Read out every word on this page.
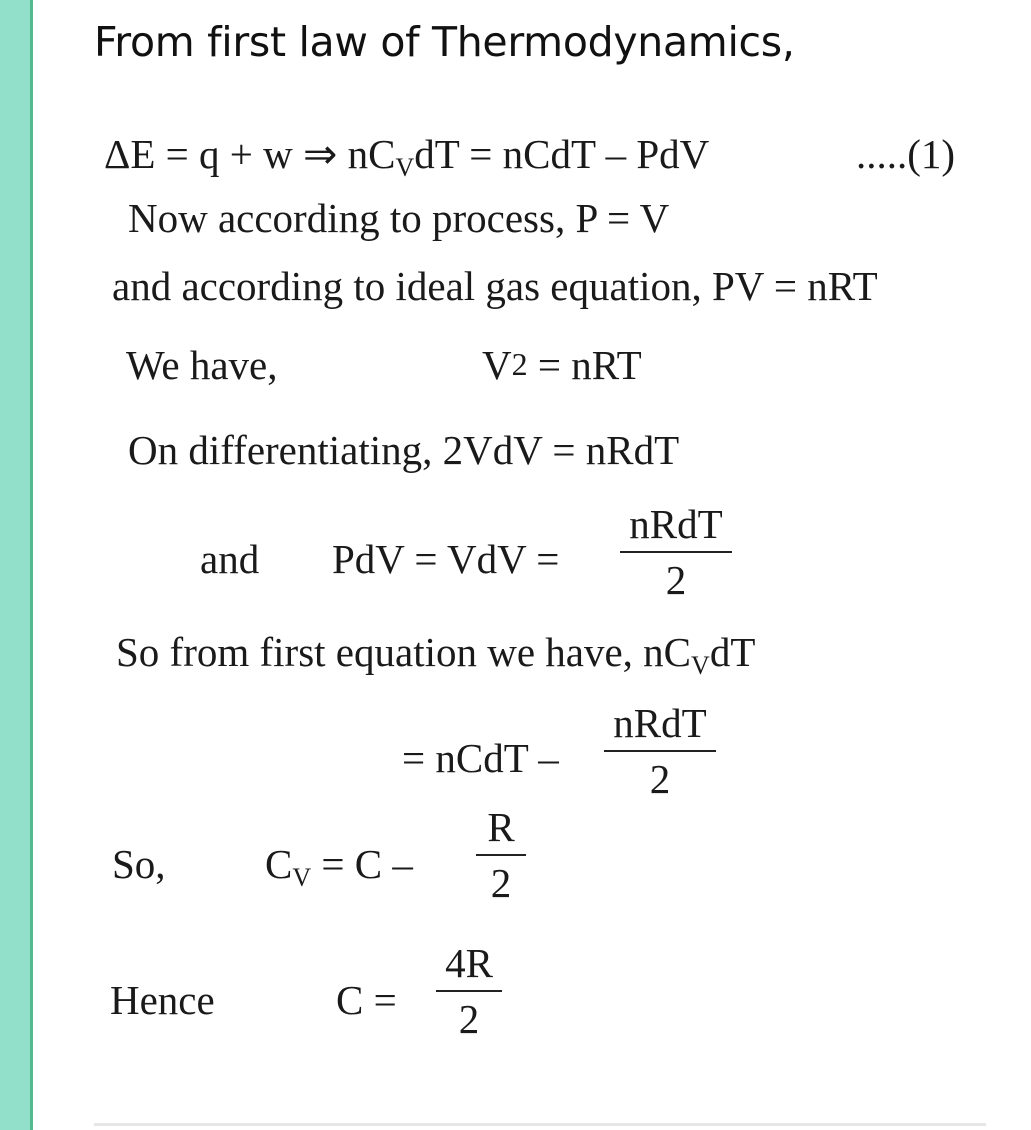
From first law of Thermodynamics,
ΔE = q + w ⇒ nCVdT = nCdT – PdV	.....(1)
Now according to process, P = V
and according to ideal gas equation, PV = nRT
We have,	V2 = nRT
On differentiating, 2VdV = nRdT
and PdV = VdV =
nRdT
2
So from first equation we have, nCVdT
= nCdT –
nRdT
2
So, CV = C –
R
2
Hence	C =
4R
2
